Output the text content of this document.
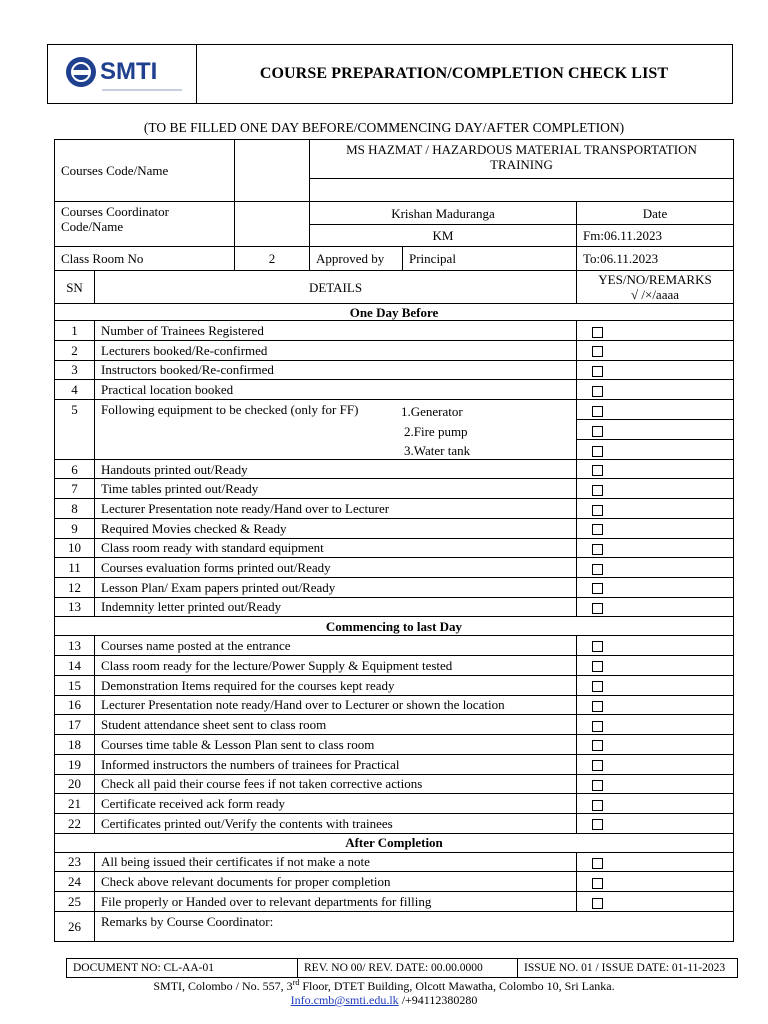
SMTI	COURSE PREPARATION/COMPLETION CHECK LIST
(TO BE FILLED ONE DAY BEFORE/COMMENCING DAY/AFTER COMPLETION)
Courses Code/Name		MS HAZMAT / HAZARDOUS MATERIAL TRANSPORTATION TRAINING		

Courses Coordinator Code/Name		Krishan Maduranga		Date
		KM		Fm:06.11.2023
Class Room No	2	Approved by	Principal	To:06.11.2023
SN	DETAILS	YES/NO/REMARKS
√ /×/aaaa

One Day Before		
1	Number of Trainees Registered	
2	Lecturers booked/Re-confirmed	
3	Instructors booked/Re-confirmed	
4	Practical location booked	
5	Following equipment to be checked (only for FF) 1.Generator
2.Fire pump
3.Water tank	

6	Handouts printed out/Ready	
7	Time tables printed out/Ready	
8	Lecturer Presentation note ready/Hand over to Lecturer	
9	Required Movies checked & Ready	
10	Class room ready with standard equipment	
11	Courses evaluation forms printed out/Ready	
12	Lesson Plan/ Exam papers printed out/Ready	
13	Indemnity letter printed out/Ready	
Commencing to last Day		
13	Courses name posted at the entrance	
14	Class room ready for the lecture/Power Supply & Equipment tested	
15	Demonstration Items required for the courses kept ready	
16	Lecturer Presentation note ready/Hand over to Lecturer or shown the location	
17	Student attendance sheet sent to class room	
18	Courses time table & Lesson Plan sent to class room	
19	Informed instructors the numbers of trainees for Practical	
20	Check all paid their course fees if not taken corrective actions	
21	Certificate received ack form ready	
22	Certificates printed out/Verify the contents with trainees	
After Completion		
23	All being issued their certificates if not make a note	
24	Check above relevant documents for proper completion	
25	File properly or Handed over to relevant departments for filling	
26	Remarks by Course Coordinator:	
DOCUMENT NO: CL-AA-01	REV. NO 00/ REV. DATE: 00.00.0000	ISSUE NO. 01 / ISSUE DATE: 01-11-2023
SMTI, Colombo / No. 557, 3rd Floor, DTET Building, Olcott Mawatha, Colombo 10, Sri Lanka.
Info.cmb@smti.edu.lk /+94112380280
